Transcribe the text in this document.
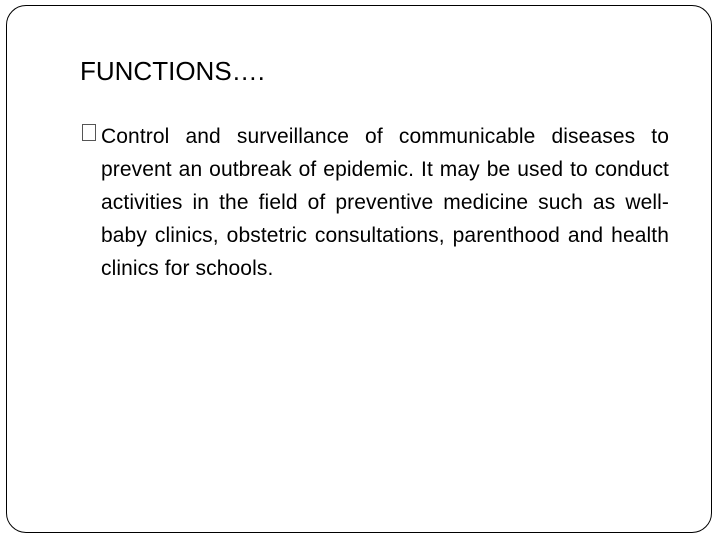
FUNCTIONS….

Control and surveillance of communicable diseases to prevent an outbreak of epidemic. It may be used to conduct activities in the field of preventive medicine such as well-baby clinics, obstetric consultations, parenthood and health clinics for schools.
